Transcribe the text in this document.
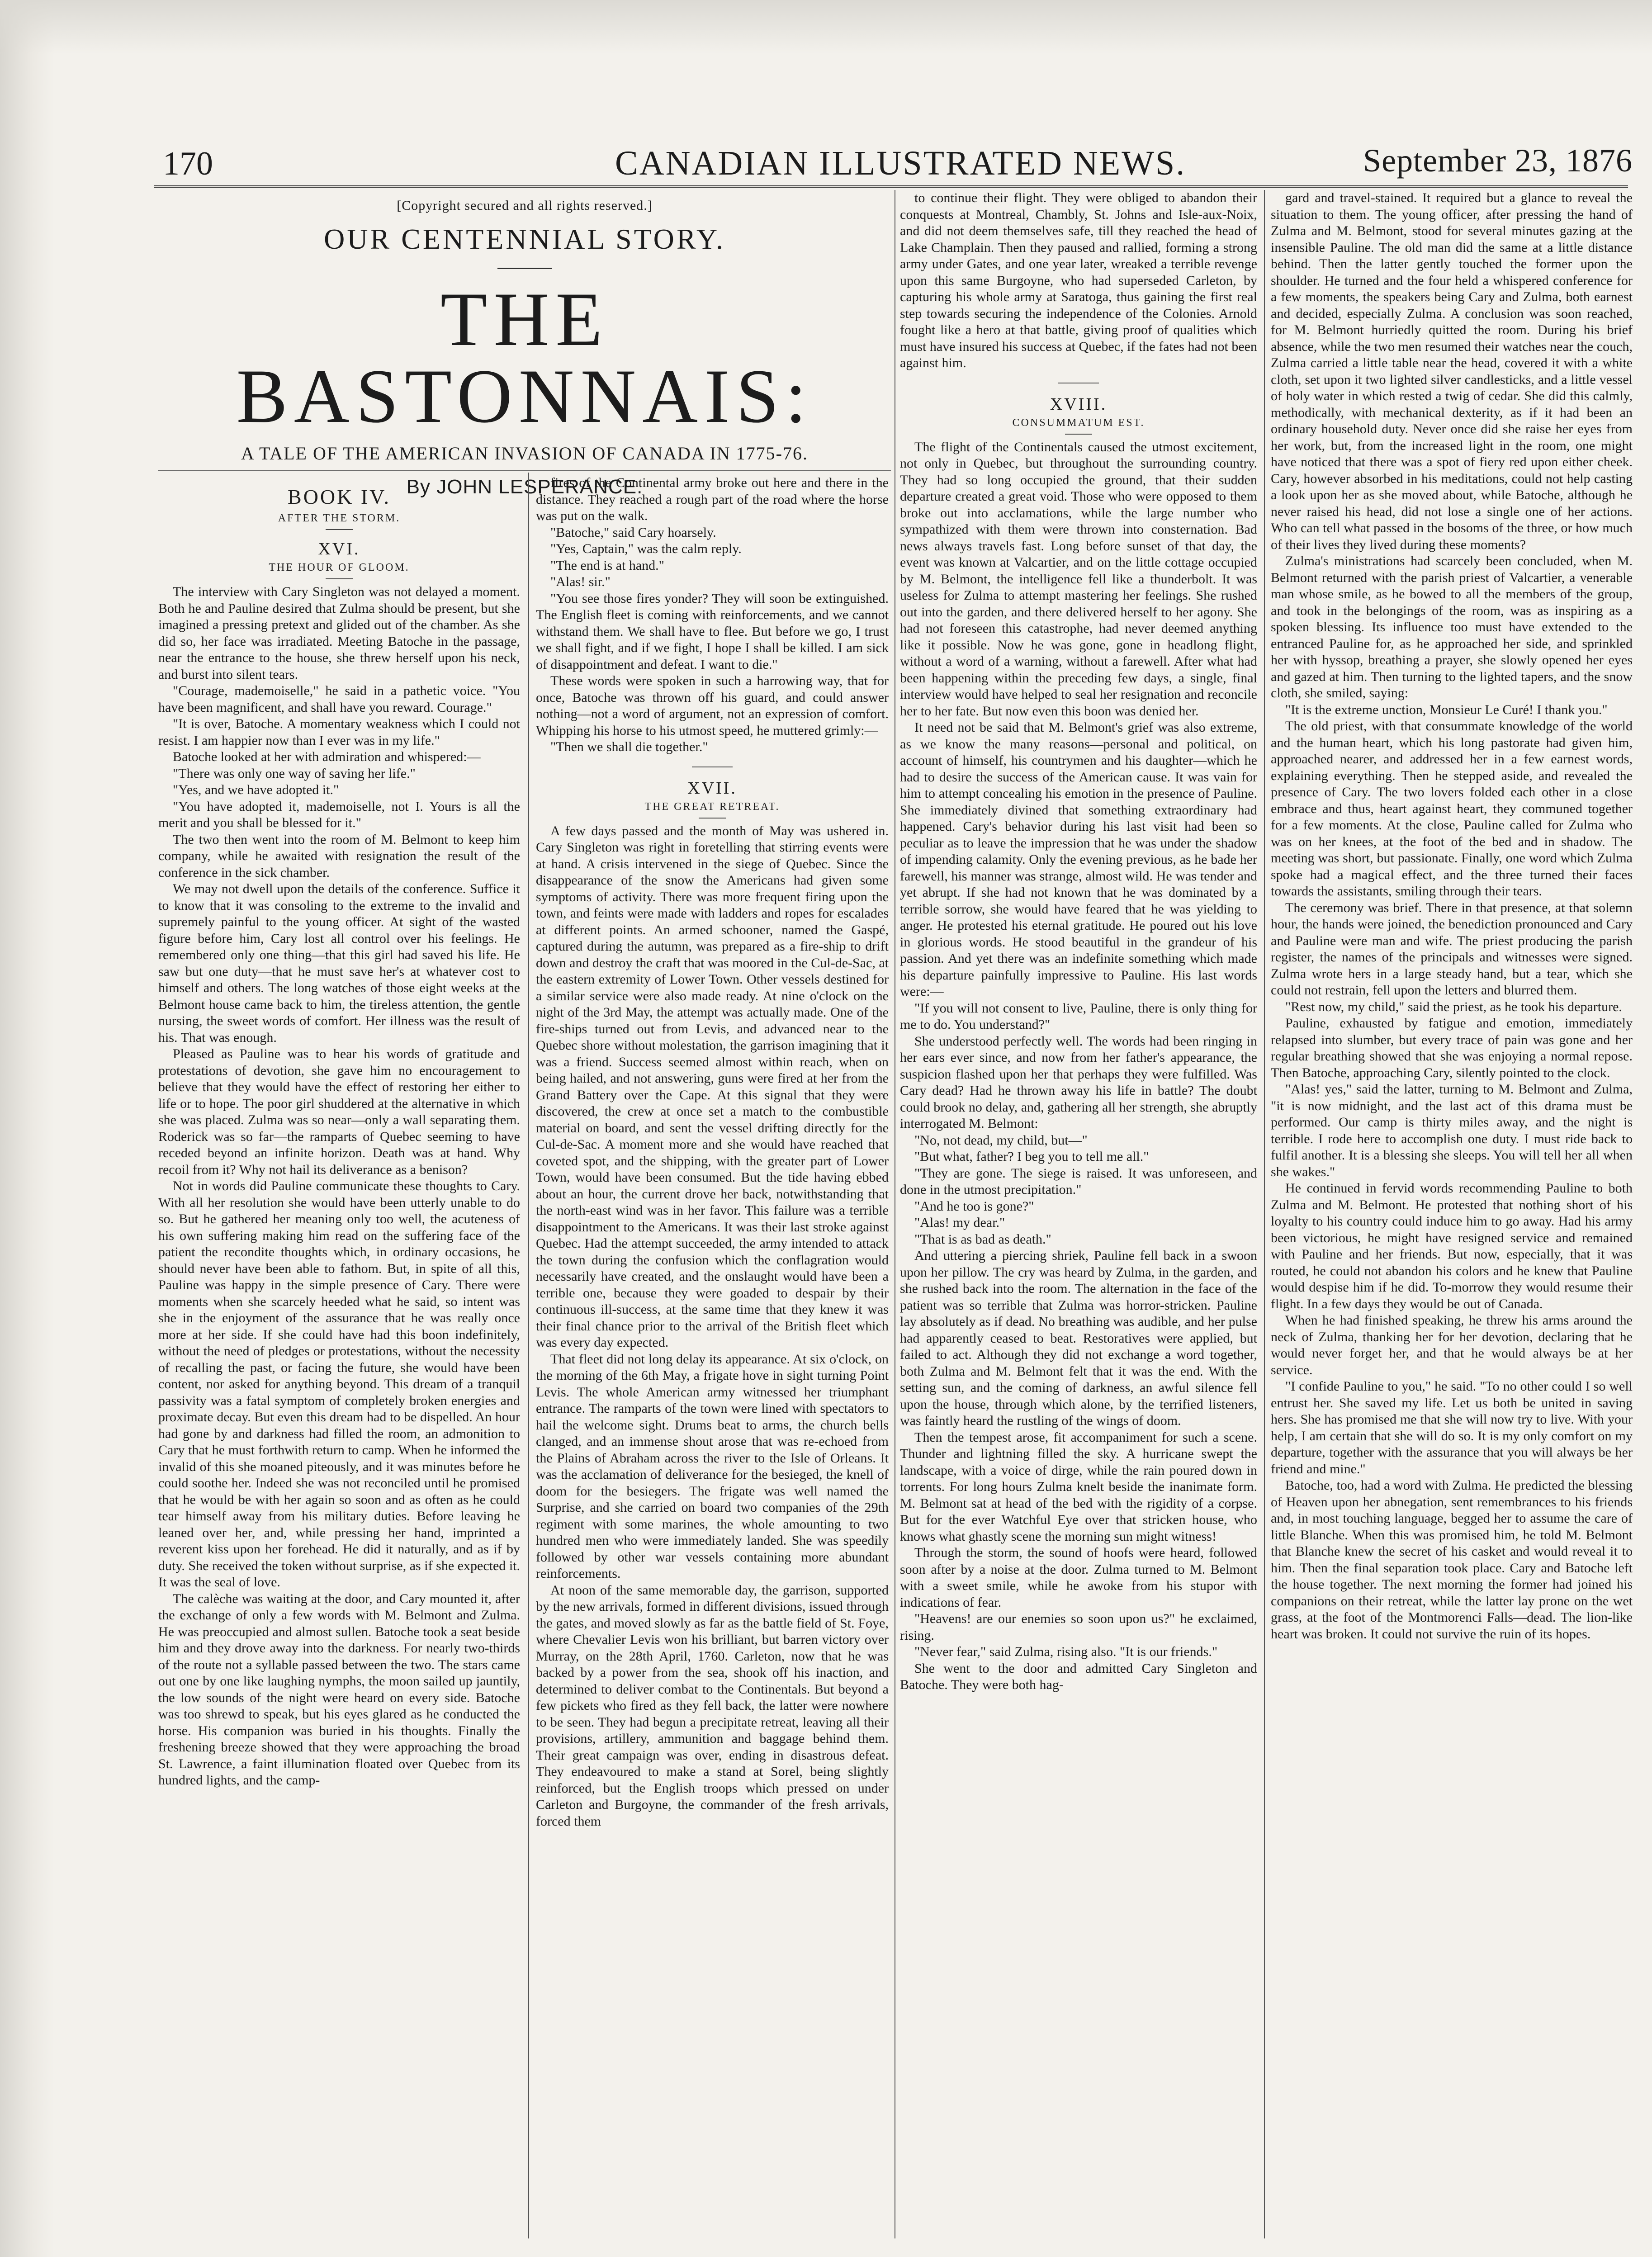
170	CANADIAN ILLUSTRATED NEWS.	September 23, 1876
[Copyright secured and all rights reserved.]
OUR CENTENNIAL STORY.
THE BASTONNAIS:
A TALE OF THE AMERICAN INVASION OF CANADA IN 1775-76.
By JOHN LESPERANCE.
BOOK IV.
AFTER THE STORM.
XVI.
THE HOUR OF GLOOM.

The interview with Cary Singleton was not delayed a moment. Both he and Pauline desired that Zulma should be present, but she imagined a pressing pretext and glided out of the chamber. As she did so, her face was irradiated. Meeting Batoche in the passage, near the entrance to the house, she threw herself upon his neck, and burst into silent tears.

"Courage, mademoiselle," he said in a pathetic voice. "You have been magnificent, and shall have you reward. Courage."

"It is over, Batoche. A momentary weakness which I could not resist. I am happier now than I ever was in my life."

Batoche looked at her with admiration and whispered:—

"There was only one way of saving her life."

"Yes, and we have adopted it."

"You have adopted it, mademoiselle, not I. Yours is all the merit and you shall be blessed for it."

The two then went into the room of M. Belmont to keep him company, while he awaited with resignation the result of the conference in the sick chamber.

We may not dwell upon the details of the conference. Suffice it to know that it was consoling to the extreme to the invalid and supremely painful to the young officer. At sight of the wasted figure before him, Cary lost all control over his feelings. He remembered only one thing—that this girl had saved his life. He saw but one duty—that he must save her's at whatever cost to himself and others. The long watches of those eight weeks at the Belmont house came back to him, the tireless attention, the gentle nursing, the sweet words of comfort. Her illness was the result of his. That was enough.

Pleased as Pauline was to hear his words of gratitude and protestations of devotion, she gave him no encouragement to believe that they would have the effect of restoring her either to life or to hope. The poor girl shuddered at the alternative in which she was placed. Zulma was so near—only a wall separating them. Roderick was so far—the ramparts of Quebec seeming to have receded beyond an infinite horizon. Death was at hand. Why recoil from it? Why not hail its deliverance as a benison?

Not in words did Pauline communicate these thoughts to Cary. With all her resolution she would have been utterly unable to do so. But he gathered her meaning only too well, the acuteness of his own suffering making him read on the suffering face of the patient the recondite thoughts which, in ordinary occasions, he should never have been able to fathom. But, in spite of all this, Pauline was happy in the simple presence of Cary. There were moments when she scarcely heeded what he said, so intent was she in the enjoyment of the assurance that he was really once more at her side. If she could have had this boon indefinitely, without the need of pledges or protestations, without the necessity of recalling the past, or facing the future, she would have been content, nor asked for anything beyond. This dream of a tranquil passivity was a fatal symptom of completely broken energies and proximate decay. But even this dream had to be dispelled. An hour had gone by and darkness had filled the room, an admonition to Cary that he must forthwith return to camp. When he informed the invalid of this she moaned piteously, and it was minutes before he could soothe her. Indeed she was not reconciled until he promised that he would be with her again so soon and as often as he could tear himself away from his military duties. Before leaving he leaned over her, and, while pressing her hand, imprinted a reverent kiss upon her forehead. He did it naturally, and as if by duty. She received the token without surprise, as if she expected it. It was the seal of love.

The calèche was waiting at the door, and Cary mounted it, after the exchange of only a few words with M. Belmont and Zulma. He was preoccupied and almost sullen. Batoche took a seat beside him and they drove away into the darkness. For nearly two-thirds of the route not a syllable passed between the two. The stars came out one by one like laughing nymphs, the moon sailed up jauntily, the low sounds of the night were heard on every side. Batoche was too shrewd to speak, but his eyes glared as he conducted the horse. His companion was buried in his thoughts. Finally the freshening breeze showed that they were approaching the broad St. Lawrence, a faint illumination floated over Quebec from its hundred lights, and the camp-

fires of the Continental army broke out here and there in the distance. They reached a rough part of the road where the horse was put on the walk.

"Batoche," said Cary hoarsely.

"Yes, Captain," was the calm reply.

"The end is at hand."

"Alas! sir."

"You see those fires yonder? They will soon be extinguished. The English fleet is coming with reinforcements, and we cannot withstand them. We shall have to flee. But before we go, I trust we shall fight, and if we fight, I hope I shall be killed. I am sick of disappointment and defeat. I want to die."

These words were spoken in such a harrowing way, that for once, Batoche was thrown off his guard, and could answer nothing—not a word of argument, not an expression of comfort. Whipping his horse to his utmost speed, he muttered grimly:—

"Then we shall die together."

XVII.
THE GREAT RETREAT.

A few days passed and the month of May was ushered in. Cary Singleton was right in foretelling that stirring events were at hand. A crisis intervened in the siege of Quebec. Since the disappearance of the snow the Americans had given some symptoms of activity. There was more frequent firing upon the town, and feints were made with ladders and ropes for escalades at different points. An armed schooner, named the Gaspé, captured during the autumn, was prepared as a fire-ship to drift down and destroy the craft that was moored in the Cul-de-Sac, at the eastern extremity of Lower Town. Other vessels destined for a similar service were also made ready. At nine o'clock on the night of the 3rd May, the attempt was actually made. One of the fire-ships turned out from Levis, and advanced near to the Quebec shore without molestation, the garrison imagining that it was a friend. Success seemed almost within reach, when on being hailed, and not answering, guns were fired at her from the Grand Battery over the Cape. At this signal that they were discovered, the crew at once set a match to the combustible material on board, and sent the vessel drifting directly for the Cul-de-Sac. A moment more and she would have reached that coveted spot, and the shipping, with the greater part of Lower Town, would have been consumed. But the tide having ebbed about an hour, the current drove her back, notwithstanding that the north-east wind was in her favor. This failure was a terrible disappointment to the Americans. It was their last stroke against Quebec. Had the attempt succeeded, the army intended to attack the town during the confusion which the conflagration would necessarily have created, and the onslaught would have been a terrible one, because they were goaded to despair by their continuous ill-success, at the same time that they knew it was their final chance prior to the arrival of the British fleet which was every day expected.

That fleet did not long delay its appearance. At six o'clock, on the morning of the 6th May, a frigate hove in sight turning Point Levis. The whole American army witnessed her triumphant entrance. The ramparts of the town were lined with spectators to hail the welcome sight. Drums beat to arms, the church bells clanged, and an immense shout arose that was re-echoed from the Plains of Abraham across the river to the Isle of Orleans. It was the acclamation of deliverance for the besieged, the knell of doom for the besiegers. The frigate was well named the Surprise, and she carried on board two companies of the 29th regiment with some marines, the whole amounting to two hundred men who were immediately landed. She was speedily followed by other war vessels containing more abundant reinforcements.

At noon of the same memorable day, the garrison, supported by the new arrivals, formed in different divisions, issued through the gates, and moved slowly as far as the battle field of St. Foye, where Chevalier Levis won his brilliant, but barren victory over Murray, on the 28th April, 1760. Carleton, now that he was backed by a power from the sea, shook off his inaction, and determined to deliver combat to the Continentals. But beyond a few pickets who fired as they fell back, the latter were nowhere to be seen. They had begun a precipitate retreat, leaving all their provisions, artillery, ammunition and baggage behind them. Their great campaign was over, ending in disastrous defeat. They endeavoured to make a stand at Sorel, being slightly reinforced, but the English troops which pressed on under Carleton and Burgoyne, the commander of the fresh arrivals, forced them

to continue their flight. They were obliged to abandon their conquests at Montreal, Chambly, St. Johns and Isle-aux-Noix, and did not deem themselves safe, till they reached the head of Lake Champlain. Then they paused and rallied, forming a strong army under Gates, and one year later, wreaked a terrible revenge upon this same Burgoyne, who had superseded Carleton, by capturing his whole army at Saratoga, thus gaining the first real step towards securing the independence of the Colonies. Arnold fought like a hero at that battle, giving proof of qualities which must have insured his success at Quebec, if the fates had not been against him.

XVIII.
CONSUMMATUM EST.

The flight of the Continentals caused the utmost excitement, not only in Quebec, but throughout the surrounding country. They had so long occupied the ground, that their sudden departure created a great void. Those who were opposed to them broke out into acclamations, while the large number who sympathized with them were thrown into consternation. Bad news always travels fast. Long before sunset of that day, the event was known at Valcartier, and on the little cottage occupied by M. Belmont, the intelligence fell like a thunderbolt. It was useless for Zulma to attempt mastering her feelings. She rushed out into the garden, and there delivered herself to her agony. She had not foreseen this catastrophe, had never deemed anything like it possible. Now he was gone, gone in headlong flight, without a word of a warning, without a farewell. After what had been happening within the preceding few days, a single, final interview would have helped to seal her resignation and reconcile her to her fate. But now even this boon was denied her.

It need not be said that M. Belmont's grief was also extreme, as we know the many reasons—personal and political, on account of himself, his countrymen and his daughter—which he had to desire the success of the American cause. It was vain for him to attempt concealing his emotion in the presence of Pauline. She immediately divined that something extraordinary had happened. Cary's behavior during his last visit had been so peculiar as to leave the impression that he was under the shadow of impending calamity. Only the evening previous, as he bade her farewell, his manner was strange, almost wild. He was tender and yet abrupt. If she had not known that he was dominated by a terrible sorrow, she would have feared that he was yielding to anger. He protested his eternal gratitude. He poured out his love in glorious words. He stood beautiful in the grandeur of his passion. And yet there was an indefinite something which made his departure painfully impressive to Pauline. His last words were:—

"If you will not consent to live, Pauline, there is only thing for me to do. You understand?"

She understood perfectly well. The words had been ringing in her ears ever since, and now from her father's appearance, the suspicion flashed upon her that perhaps they were fulfilled. Was Cary dead? Had he thrown away his life in battle? The doubt could brook no delay, and, gathering all her strength, she abruptly interrogated M. Belmont:

"No, not dead, my child, but—"

"But what, father? I beg you to tell me all."

"They are gone. The siege is raised. It was unforeseen, and done in the utmost precipitation."

"And he too is gone?"

"Alas! my dear."

"That is as bad as death."

And uttering a piercing shriek, Pauline fell back in a swoon upon her pillow. The cry was heard by Zulma, in the garden, and she rushed back into the room. The alternation in the face of the patient was so terrible that Zulma was horror-stricken. Pauline lay absolutely as if dead. No breathing was audible, and her pulse had apparently ceased to beat. Restoratives were applied, but failed to act. Although they did not exchange a word together, both Zulma and M. Belmont felt that it was the end. With the setting sun, and the coming of darkness, an awful silence fell upon the house, through which alone, by the terrified listeners, was faintly heard the rustling of the wings of doom.

Then the tempest arose, fit accompaniment for such a scene. Thunder and lightning filled the sky. A hurricane swept the landscape, with a voice of dirge, while the rain poured down in torrents. For long hours Zulma knelt beside the inanimate form. M. Belmont sat at head of the bed with the rigidity of a corpse. But for the ever Watchful Eye over that stricken house, who knows what ghastly scene the morning sun might witness!

Through the storm, the sound of hoofs were heard, followed soon after by a noise at the door. Zulma turned to M. Belmont with a sweet smile, while he awoke from his stupor with indications of fear.

"Heavens! are our enemies so soon upon us?" he exclaimed, rising.

"Never fear," said Zulma, rising also. "It is our friends."

She went to the door and admitted Cary Singleton and Batoche. They were both hag-

gard and travel-stained. It required but a glance to reveal the situation to them. The young officer, after pressing the hand of Zulma and M. Belmont, stood for several minutes gazing at the insensible Pauline. The old man did the same at a little distance behind. Then the latter gently touched the former upon the shoulder. He turned and the four held a whispered conference for a few moments, the speakers being Cary and Zulma, both earnest and decided, especially Zulma. A conclusion was soon reached, for M. Belmont hurriedly quitted the room. During his brief absence, while the two men resumed their watches near the couch, Zulma carried a little table near the head, covered it with a white cloth, set upon it two lighted silver candlesticks, and a little vessel of holy water in which rested a twig of cedar. She did this calmly, methodically, with mechanical dexterity, as if it had been an ordinary household duty. Never once did she raise her eyes from her work, but, from the increased light in the room, one might have noticed that there was a spot of fiery red upon either cheek. Cary, however absorbed in his meditations, could not help casting a look upon her as she moved about, while Batoche, although he never raised his head, did not lose a single one of her actions. Who can tell what passed in the bosoms of the three, or how much of their lives they lived during these moments?

Zulma's ministrations had scarcely been concluded, when M. Belmont returned with the parish priest of Valcartier, a venerable man whose smile, as he bowed to all the members of the group, and took in the belongings of the room, was as inspiring as a spoken blessing. Its influence too must have extended to the entranced Pauline for, as he approached her side, and sprinkled her with hyssop, breathing a prayer, she slowly opened her eyes and gazed at him. Then turning to the lighted tapers, and the snow cloth, she smiled, saying:

"It is the extreme unction, Monsieur Le Curé! I thank you."

The old priest, with that consummate knowledge of the world and the human heart, which his long pastorate had given him, approached nearer, and addressed her in a few earnest words, explaining everything. Then he stepped aside, and revealed the presence of Cary. The two lovers folded each other in a close embrace and thus, heart against heart, they communed together for a few moments. At the close, Pauline called for Zulma who was on her knees, at the foot of the bed and in shadow. The meeting was short, but passionate. Finally, one word which Zulma spoke had a magical effect, and the three turned their faces towards the assistants, smiling through their tears.

The ceremony was brief. There in that presence, at that solemn hour, the hands were joined, the benediction pronounced and Cary and Pauline were man and wife. The priest producing the parish register, the names of the principals and witnesses were signed. Zulma wrote hers in a large steady hand, but a tear, which she could not restrain, fell upon the letters and blurred them.

"Rest now, my child," said the priest, as he took his departure.

Pauline, exhausted by fatigue and emotion, immediately relapsed into slumber, but every trace of pain was gone and her regular breathing showed that she was enjoying a normal repose. Then Batoche, approaching Cary, silently pointed to the clock.

"Alas! yes," said the latter, turning to M. Belmont and Zulma, "it is now midnight, and the last act of this drama must be performed. Our camp is thirty miles away, and the night is terrible. I rode here to accomplish one duty. I must ride back to fulfil another. It is a blessing she sleeps. You will tell her all when she wakes."

He continued in fervid words recommending Pauline to both Zulma and M. Belmont. He protested that nothing short of his loyalty to his country could induce him to go away. Had his army been victorious, he might have resigned service and remained with Pauline and her friends. But now, especially, that it was routed, he could not abandon his colors and he knew that Pauline would despise him if he did. To-morrow they would resume their flight. In a few days they would be out of Canada.

When he had finished speaking, he threw his arms around the neck of Zulma, thanking her for her devotion, declaring that he would never forget her, and that he would always be at her service.

"I confide Pauline to you," he said. "To no other could I so well entrust her. She saved my life. Let us both be united in saving hers. She has promised me that she will now try to live. With your help, I am certain that she will do so. It is my only comfort on my departure, together with the assurance that you will always be her friend and mine."

Batoche, too, had a word with Zulma. He predicted the blessing of Heaven upon her abnegation, sent remembrances to his friends and, in most touching language, begged her to assume the care of little Blanche. When this was promised him, he told M. Belmont that Blanche knew the secret of his casket and would reveal it to him. Then the final separation took place. Cary and Batoche left the house together. The next morning the former had joined his companions on their retreat, while the latter lay prone on the wet grass, at the foot of the Montmorenci Falls—dead. The lion-like heart was broken. It could not survive the ruin of its hopes.
